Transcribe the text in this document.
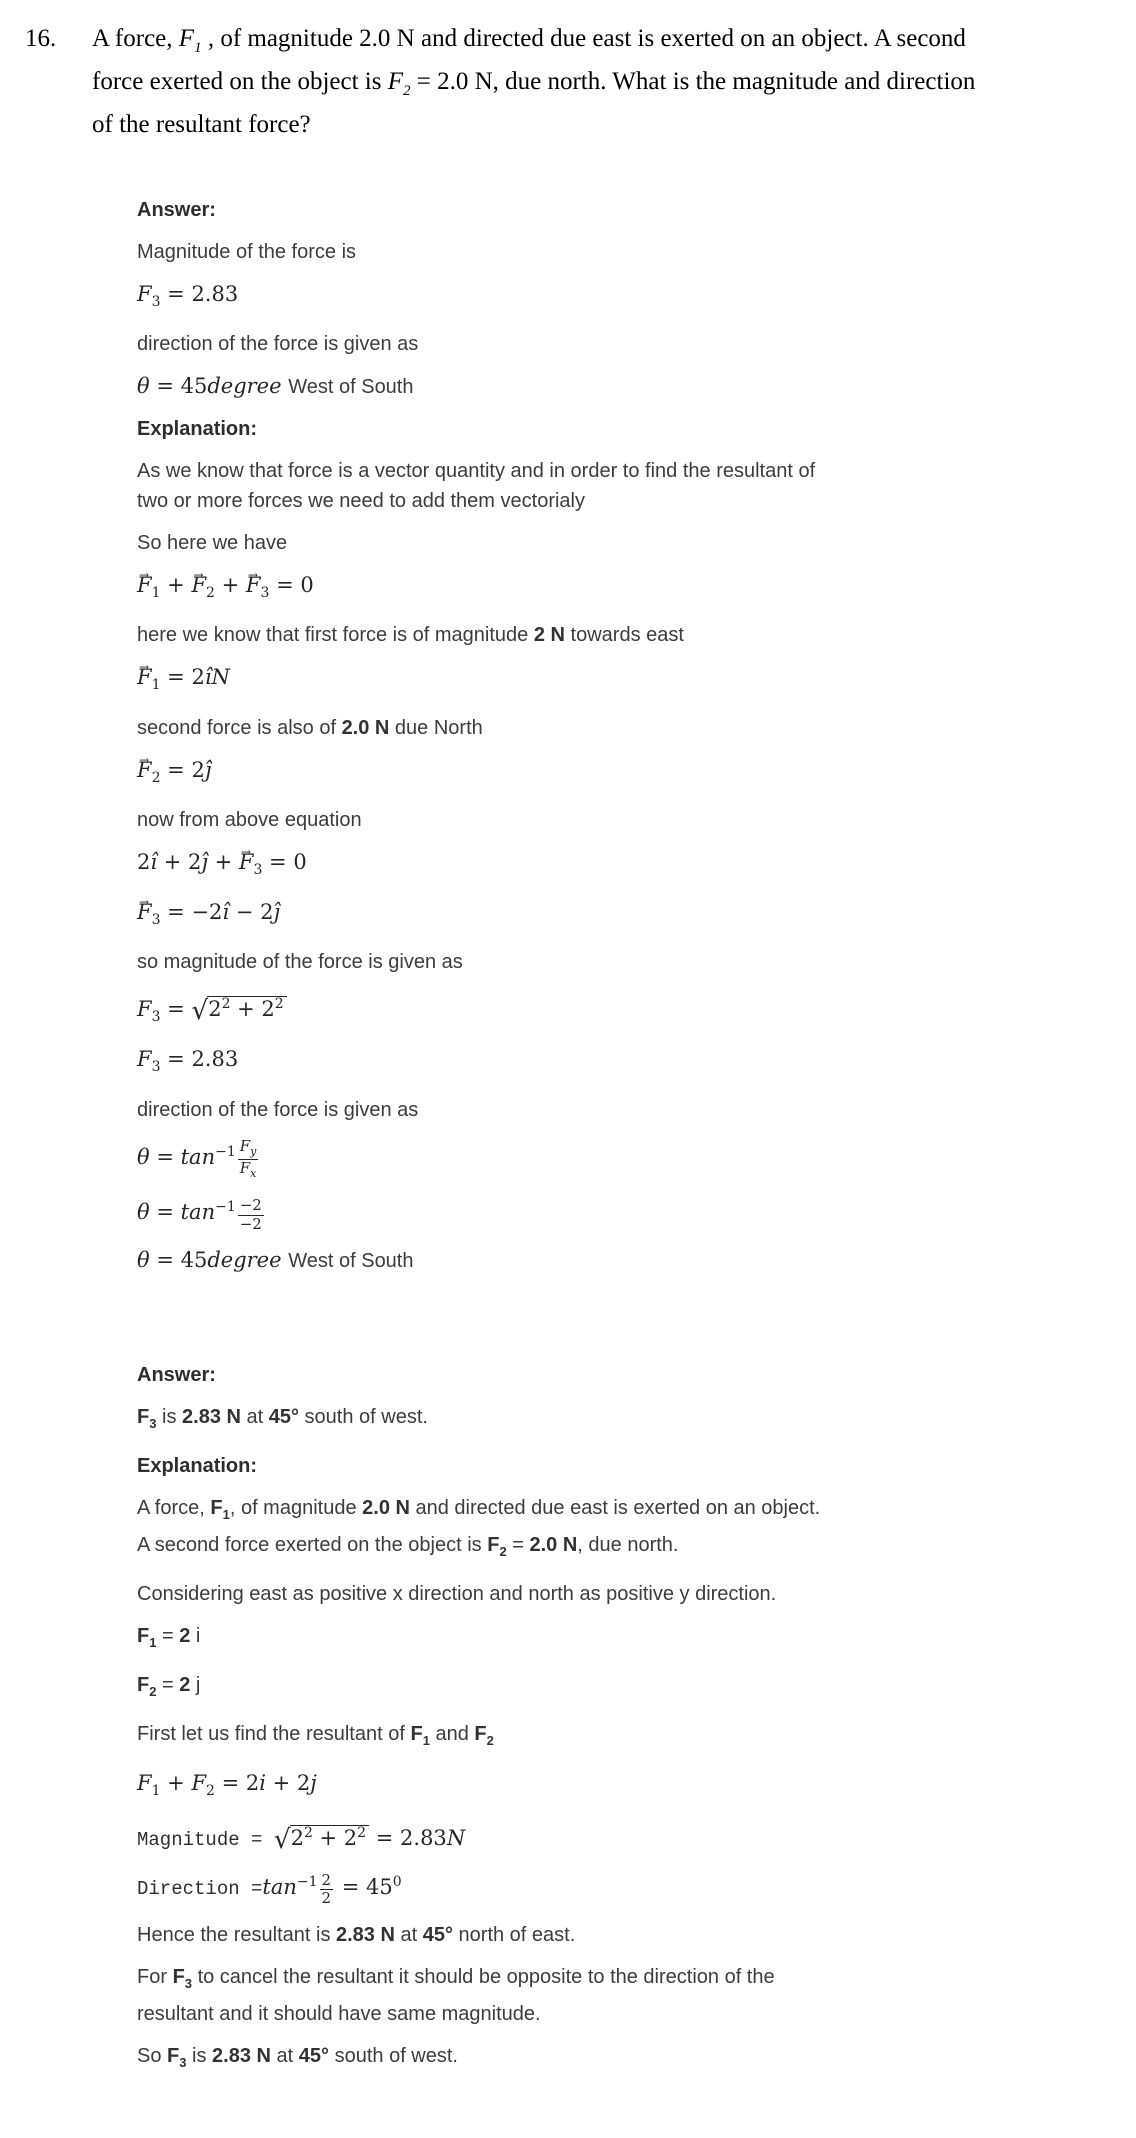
16.	A force, $F_1$ , of magnitude 2.0 N and directed due east is exerted on an object. A second
force exerted on the object is $F_2 = 2.0$ N, due north. What is the magnitude and direction
of the resultant force?
Answer:
Magnitude of the force is
$F_3 = 2.83$
direction of the force is given as
θ = 45degree West of South
Explanation:
As we know that force is a vector quantity and in order to find the resultant of
two or more forces we need to add them vectorialy
So here we have
$F \to_1 + F \to_2 + F \to_3 = 0$
here we know that first force is of magnitude 2 N towards east
$F \to_1$ = 2îN
second force is also of 2.0 N due North
$F \to_2$ = 2ĵ
now from above equation
2î + 2ĵ + $F \to_3 = 0$
$F \to_3$ = −2î − 2ĵ
so magnitude of the force is given as
$F_3 = √2^2 + 2^2$
$F_3 = 2.83$
direction of the force is given as
$\theta = \tan^{-1} \frac{F_y}{F_x}$
$\theta = \tan^{-1} \frac{-2}{-2}$
θ = 45degree West of South
Answer:
$F_3$ is 2.83 N at 45° south of west.
Explanation:
A force, $F_1$, of magnitude 2.0 N and directed due east is exerted on an object.
A second force exerted on the object is $F_2 = 2.0$ N, due north.
Considering east as positive x direction and north as positive y direction.
$F_1 = 2$ i
$F_2 = 2$ j
First let us find the resultant of $F_1$ and $F_2$
$F_1 + F_2 = 2i + 2j$
Magnitude = $√2^2 + 2^2 = 2.83N$
Direction $=\tan^{-1} \frac{2}{2} = 45^0$
Hence the resultant is 2.83 N at 45° north of east.
For $F_3$ to cancel the resultant it should be opposite to the direction of the
resultant and it should have same magnitude.
So $F_3$ is 2.83 N at 45° south of west.
